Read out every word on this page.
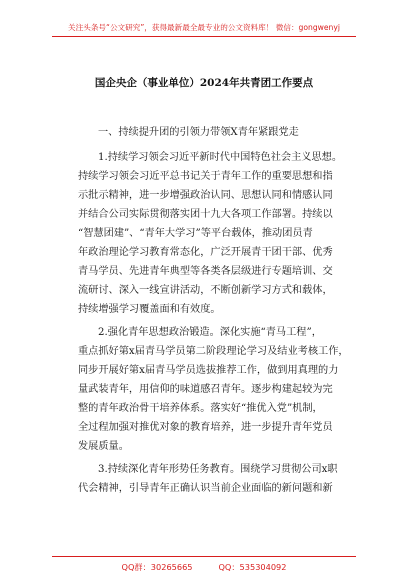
关注头条号“公文研究”，获得最新最全最专业的公文资料库！ 微信：gongwenyj
国企央企（事业单位）2024年共青团工作要点
一、持续提升团的引领力带领X青年紧跟党走
1.持续学习领会习近平新时代中国特色社会主义思想。
持续学习领会习近平总书记关于青年工作的重要思想和指
示批示精神，进一步增强政治认同、思想认同和情感认同
并结合公司实际贯彻落实团十九大各项工作部署。持续以
“智慧团建”、“青年大学习”等平台载体，推动团员青
年政治理论学习教育常态化，广泛开展青干团干部、优秀
青马学员、先进青年典型等各类各层级进行专题培训、交
流研讨、深入一线宣讲活动，不断创新学习方式和载体，
持续增强学习覆盖面和有效度。
2.强化青年思想政治锻造。深化实施“青马工程”，
重点抓好第x届青马学员第二阶段理论学习及结业考核工作，
同步开展好第x届青马学员选拔推荐工作，做到用真理的力
量武装青年，用信仰的味道感召青年。逐步构建起较为完
整的青年政治骨干培养体系。落实好“推优入党”机制，
全过程加强对推优对象的教育培养，进一步提升青年党员
发展质量。
3.持续深化青年形势任务教育。围绕学习贯彻公司x职
代会精神，引导青年正确认识当前企业面临的新问题和新
QQ群：30265665	QQ：535304092
